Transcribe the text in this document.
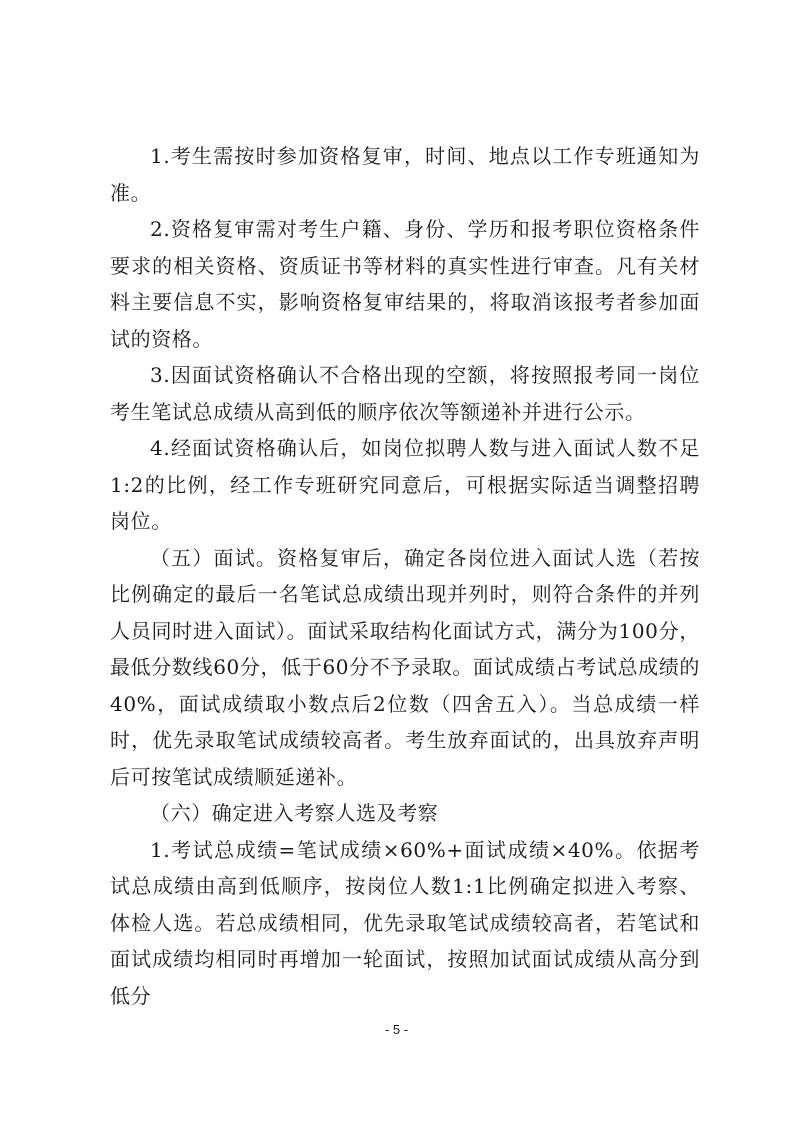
1.考生需按时参加资格复审，时间、地点以工作专班通知为准。

2.资格复审需对考生户籍、身份、学历和报考职位资格条件要求的相关资格、资质证书等材料的真实性进行审查。凡有关材料主要信息不实，影响资格复审结果的，将取消该报考者参加面试的资格。

3.因面试资格确认不合格出现的空额，将按照报考同一岗位考生笔试总成绩从高到低的顺序依次等额递补并进行公示。

4.经面试资格确认后，如岗位拟聘人数与进入面试人数不足1:2的比例，经工作专班研究同意后，可根据实际适当调整招聘岗位。

（五）面试。资格复审后，确定各岗位进入面试人选（若按比例确定的最后一名笔试总成绩出现并列时，则符合条件的并列人员同时进入面试）。面试采取结构化面试方式，满分为100分，最低分数线60分，低于60分不予录取。面试成绩占考试总成绩的40%，面试成绩取小数点后2位数（四舍五入）。当总成绩一样时，优先录取笔试成绩较高者。考生放弃面试的，出具放弃声明后可按笔试成绩顺延递补。

（六）确定进入考察人选及考察

1.考试总成绩=笔试成绩×60%+面试成绩×40%。依据考试总成绩由高到低顺序，按岗位人数1:1比例确定拟进入考察、体检人选。若总成绩相同，优先录取笔试成绩较高者，若笔试和面试成绩均相同时再增加一轮面试，按照加试面试成绩从高分到低分

- 5 -
